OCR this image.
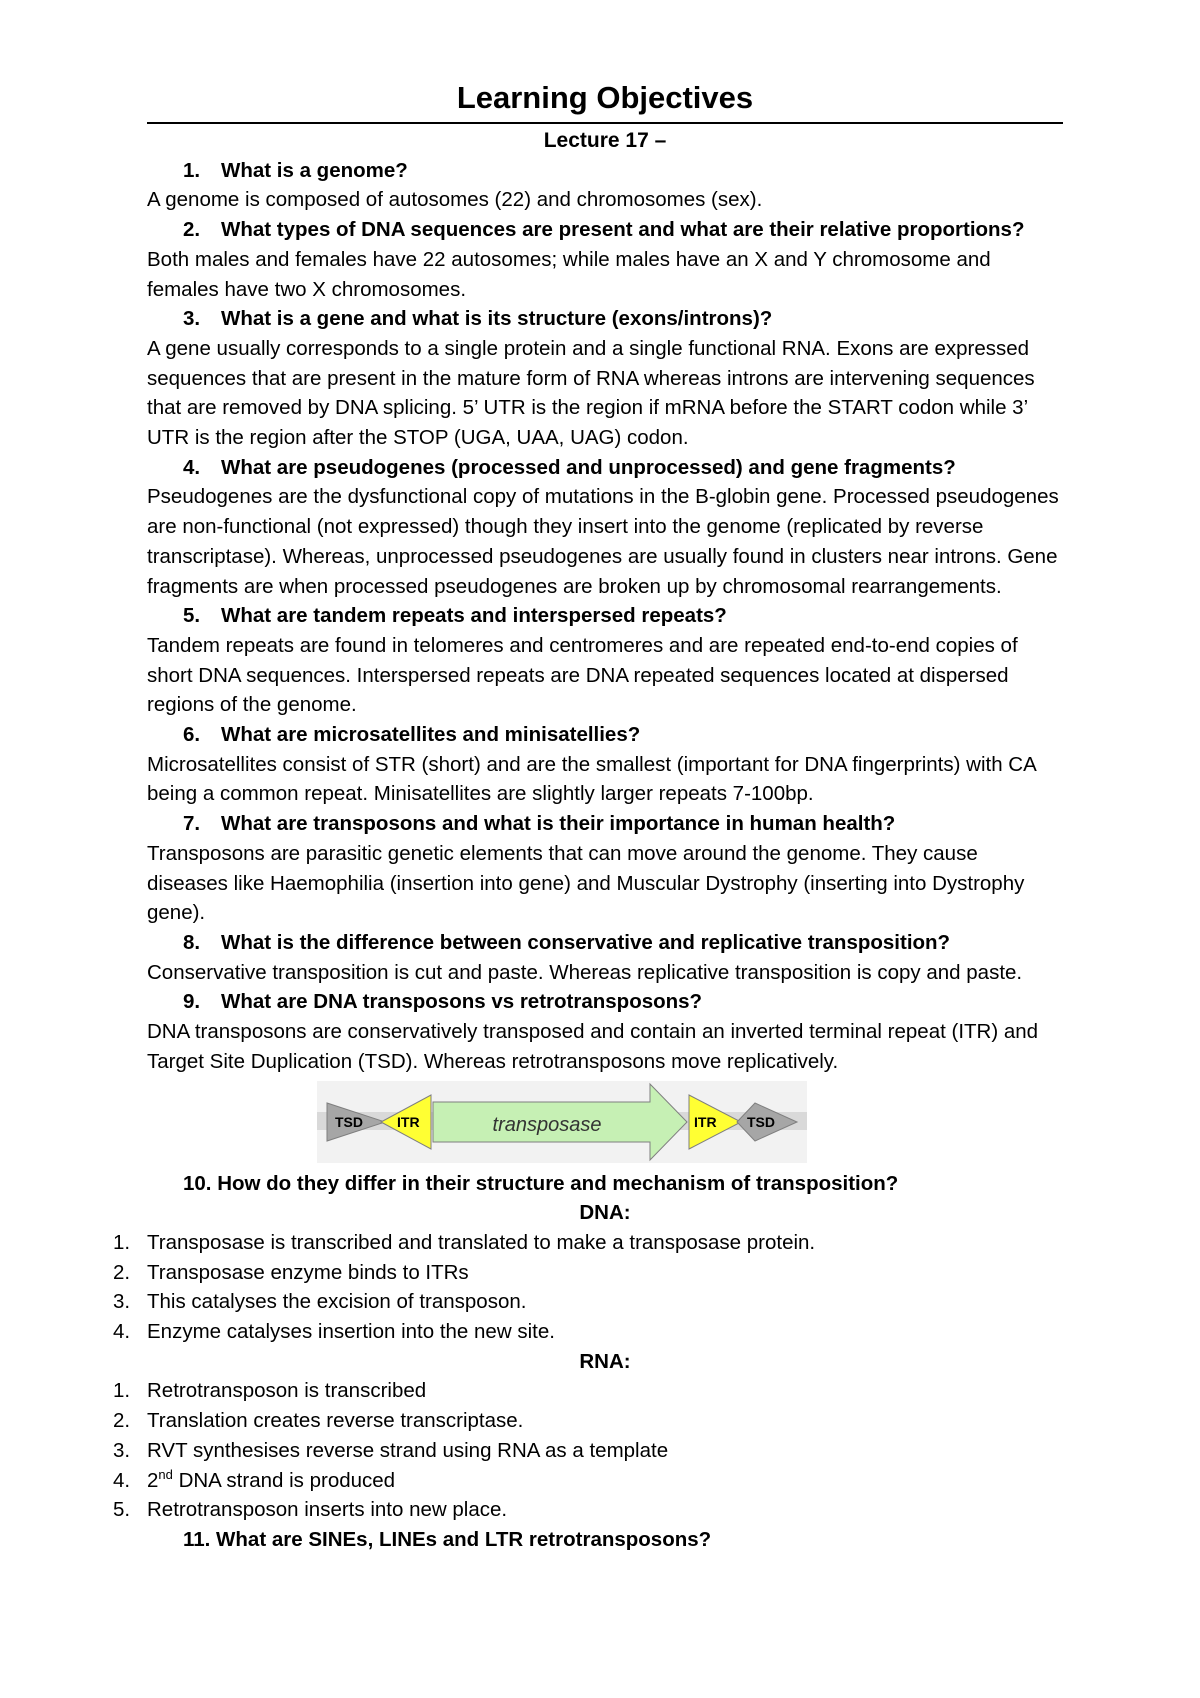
Learning Objectives
Lecture 17 –
1. What is a genome?
A genome is composed of autosomes (22) and chromosomes (sex).
2. What types of DNA sequences are present and what are their relative proportions?
Both males and females have 22 autosomes; while males have an X and Y chromosome and females have two X chromosomes.
3. What is a gene and what is its structure (exons/introns)?
A gene usually corresponds to a single protein and a single functional RNA. Exons are expressed sequences that are present in the mature form of RNA whereas introns are intervening sequences that are removed by DNA splicing. 5’ UTR is the region if mRNA before the START codon while 3’ UTR is the region after the STOP (UGA, UAA, UAG) codon.
4. What are pseudogenes (processed and unprocessed) and gene fragments?
Pseudogenes are the dysfunctional copy of mutations in the B-globin gene. Processed pseudogenes are non-functional (not expressed) though they insert into the genome (replicated by reverse transcriptase). Whereas, unprocessed pseudogenes are usually found in clusters near introns. Gene fragments are when processed pseudogenes are broken up by chromosomal rearrangements.
5. What are tandem repeats and interspersed repeats?
Tandem repeats are found in telomeres and centromeres and are repeated end-to-end copies of short DNA sequences. Interspersed repeats are DNA repeated sequences located at dispersed regions of the genome.
6. What are microsatellites and minisatellies?
Microsatellites consist of STR (short) and are the smallest (important for DNA fingerprints) with CA being a common repeat. Minisatellites are slightly larger repeats 7-100bp.
7. What are transposons and what is their importance in human health?
Transposons are parasitic genetic elements that can move around the genome. They cause diseases like Haemophilia (insertion into gene) and Muscular Dystrophy (inserting into Dystrophy gene).
8. What is the difference between conservative and replicative transposition?
Conservative transposition is cut and paste. Whereas replicative transposition is copy and paste.
9. What are DNA transposons vs retrotransposons?
DNA transposons are conservatively transposed and contain an inverted terminal repeat (ITR) and Target Site Duplication (TSD). Whereas retrotransposons move replicatively.
TSD ITR	transposase	ITR TSD
10. How do they differ in their structure and mechanism of transposition?
DNA:
1. Transposase is transcribed and translated to make a transposase protein.
2. Transposase enzyme binds to ITRs
3. This catalyses the excision of transposon.
4. Enzyme catalyses insertion into the new site.
RNA:
1. Retrotransposon is transcribed
2. Translation creates reverse transcriptase.
3. RVT synthesises reverse strand using RNA as a template
4. 2nd DNA strand is produced
5. Retrotransposon inserts into new place.
11. What are SINEs, LINEs and LTR retrotransposons?
